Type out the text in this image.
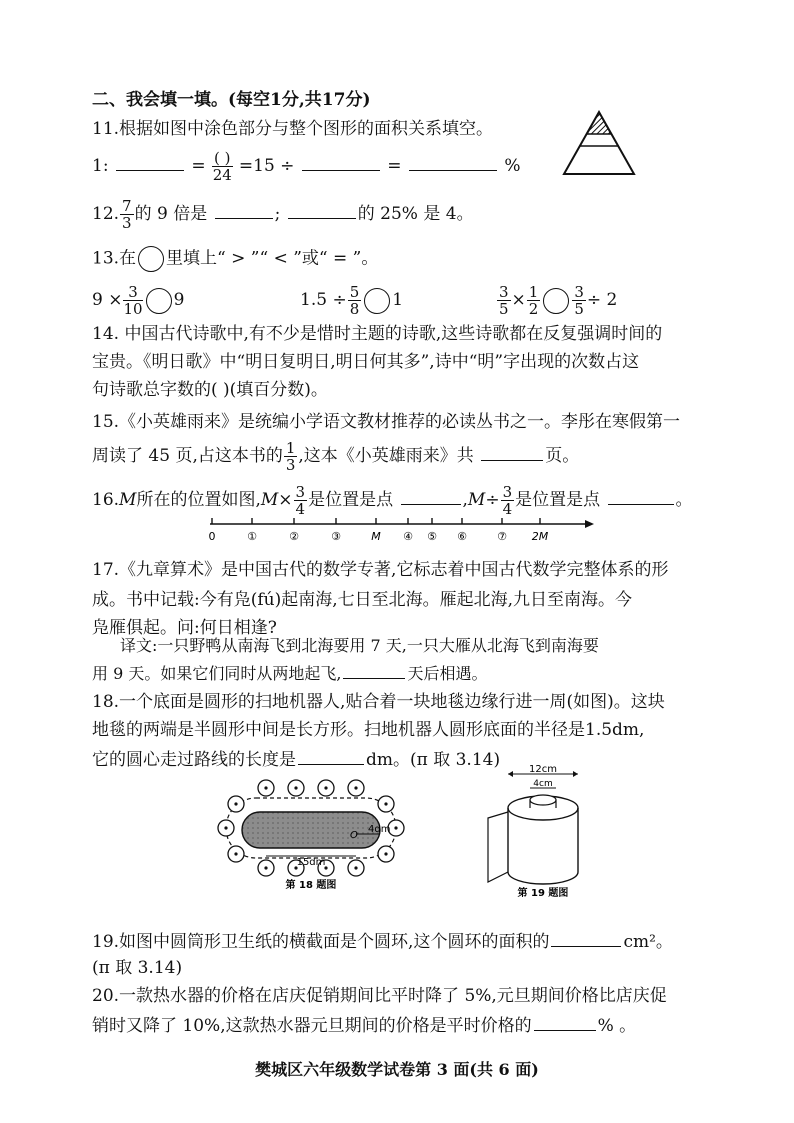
二、我会填一填。(每空1分,共17分)
11.根据如图中涂色部分与整个图形的面积关系填空。
1:	= $\frac{( )}{24} =15$ ÷	=	%
12. $\frac{7}{3}$ 的 9 倍是	;	的 25% 是 4。
13.在 里填上“ > ”“ < ”或“ = ”。
$9 \times \frac{3}{10} 9$	$1.5 \div \frac{5}{8} 1$	$\frac{3}{5} \times \frac{1}{2} \frac{3}{5} \div 2$
14. 中国古代诗歌中,有不少是惜时主题的诗歌,这些诗歌都在反复强调时间的
宝贵。《明日歌》中“明日复明日,明日何其多”,诗中“明”字出现的次数占这
句诗歌总字数的( )(填百分数)。
15.《小英雄雨来》是统编小学语文教材推荐的必读丛书之一。李彤在寒假第一
周读了 45 页,占这本书的 $\frac{1}{3}$ ,这本《小英雄雨来》共	页。
16.M所在的位置如图$,M\times \frac{3}{4}$ 是位置是点	$,M\div \frac{3}{4}$ 是位置是点	。
0	①	②	③	M ④ ⑤ ⑥	⑦ 2M
17.《九章算术》是中国古代的数学专著,它标志着中国古代数学完整体系的形
成。书中记载:今有凫(fú)起南海,七日至北海。雁起北海,九日至南海。今
凫雁俱起。问:何日相逢?
译文:一只野鸭从南海飞到北海要用 7 天,一只大雁从北海飞到南海要
用 9 天。如果它们同时从两地起飞,	天后相遇。
18.一个底面是圆形的扫地机器人,贴合着一块地毯边缘行进一周(如图)。这块
地毯的两端是半圆形中间是长方形。扫地机器人圆形底面的半径是1.5dm,
它的圆心走过路线的长度是	dm。(π 取 3.14)
15dm
O
4dm
第 18 题图
12cm
4cm
第 19 题图
19.如图中圆筒形卫生纸的横截面是个圆环,这个圆环的面积的	cm²。
(π 取 3.14)
20.一款热水器的价格在店庆促销期间比平时降了 5%,元旦期间价格比店庆促
销时又降了 10%,这款热水器元旦期间的价格是平时价格的	% 。
樊城区六年级数学试卷第 3 面(共 6 面)
